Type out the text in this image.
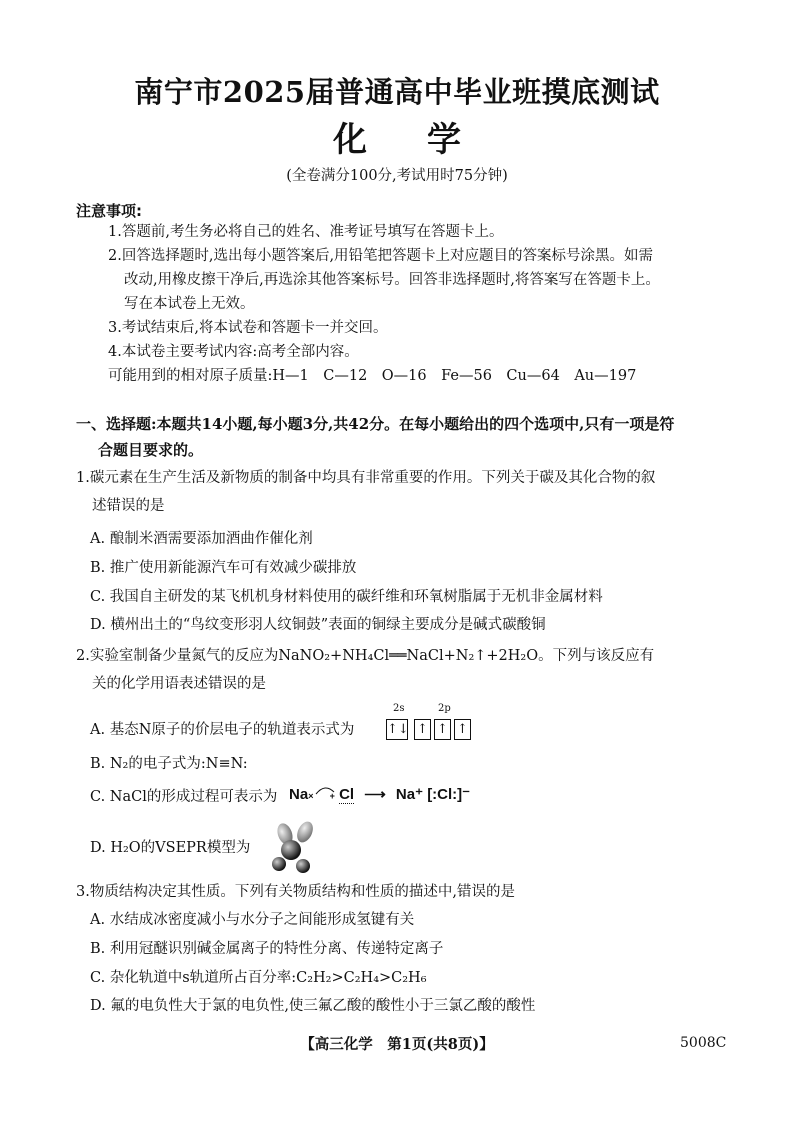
南宁市2025届普通高中毕业班摸底测试
化学
(全卷满分100分,考试用时75分钟)
注意事项:
1.答题前,考生务必将自己的姓名、准考证号填写在答题卡上。
2.回答选择题时,选出每小题答案后,用铅笔把答题卡上对应题目的答案标号涂黑。如需
改动,用橡皮擦干净后,再选涂其他答案标号。回答非选择题时,将答案写在答题卡上。
写在本试卷上无效。
3.考试结束后,将本试卷和答题卡一并交回。
4.本试卷主要考试内容:高考全部内容。
可能用到的相对原子质量:H—1　C—12　O—16　Fe—56　Cu—64　Au—197
一、选择题:本题共14小题,每小题3分,共42分。在每小题给出的四个选项中,只有一项是符
合题目要求的。
1.碳元素在生产生活及新物质的制备中均具有非常重要的作用。下列关于碳及其化合物的叙
述错误的是
A. 酿制米酒需要添加酒曲作催化剂
B. 推广使用新能源汽车可有效减少碳排放
C. 我国自主研发的某飞机机身材料使用的碳纤维和环氧树脂属于无机非金属材料
D. 横州出土的“鸟纹变形羽人纹铜鼓”表面的铜绿主要成分是碱式碳酸铜
2.实验室制备少量氮气的反应为NaNO₂+NH₄Cl══NaCl+N₂↑+2H₂O。下列与该反应有
关的化学用语表述错误的是
A. 基态N原子的价层电子的轨道表示式为
2s	2p
↑↓ ↑ ↑ ↑
B. N₂的电子式为:N≡N:
C. NaCl的形成过程可表示为 Na× + Cl ⟶ Na⁺ [:Cl:]⁻
D. H₂O的VSEPR模型为
3.物质结构决定其性质。下列有关物质结构和性质的描述中,错误的是
A. 水结成冰密度减小与水分子之间能形成氢键有关
B. 利用冠醚识别碱金属离子的特性分离、传递特定离子
C. 杂化轨道中s轨道所占百分率:C₂H₂>C₂H₄>C₂H₆
D. 氟的电负性大于氯的电负性,使三氟乙酸的酸性小于三氯乙酸的酸性
【高三化学　第1页(共8页)】	5008C
